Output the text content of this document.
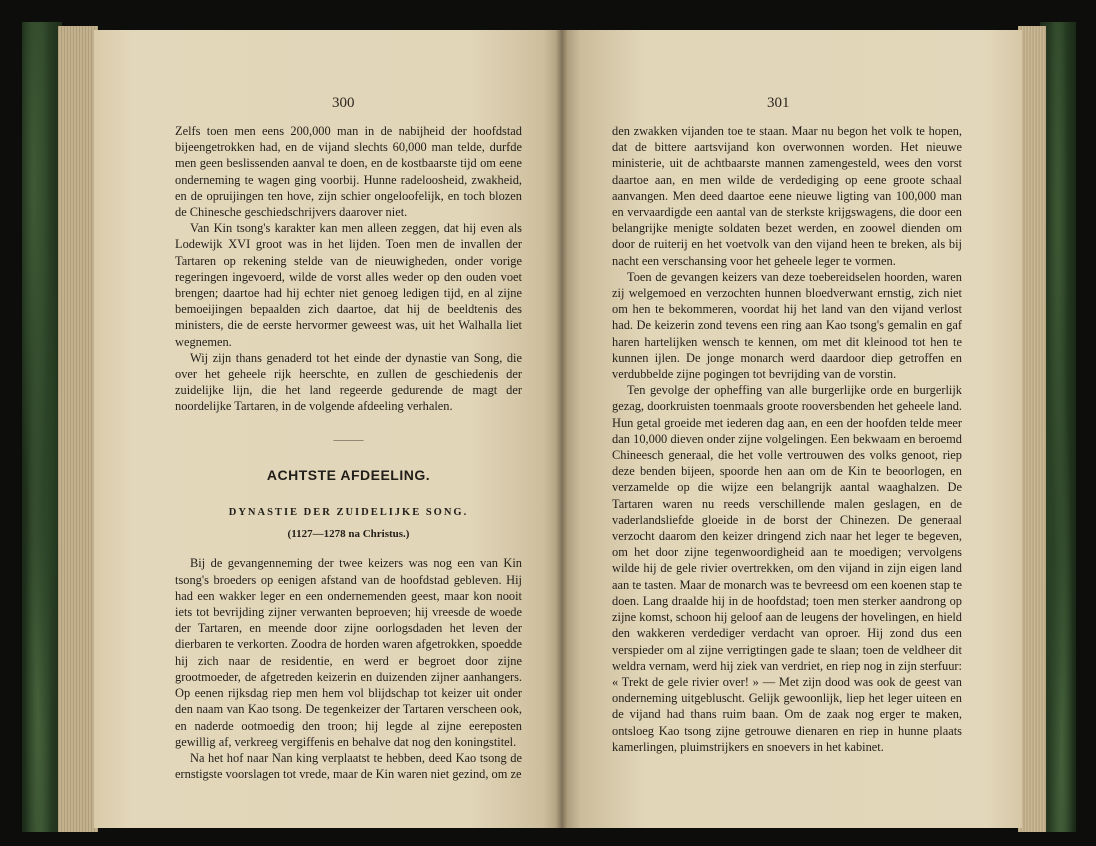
300	301

Zelfs toen men eens 200,000 man in de nabijheid der hoofdstad bijeengetrokken had, en de vijand slechts 60,000 man telde, durfde men geen beslissenden aanval te doen, en de kostbaarste tijd om eene onderneming te wagen ging voorbij. Hunne radeloosheid, zwakheid, en de opruijingen ten hove, zijn schier ongeloofelijk, en toch blozen de Chinesche geschiedschrijvers daarover niet.

Van Kin tsong's karakter kan men alleen zeggen, dat hij even als Lodewijk XVI groot was in het lijden. Toen men de invallen der Tartaren op rekening stelde van de nieuwigheden, onder vorige regeringen ingevoerd, wilde de vorst alles weder op den ouden voet brengen; daartoe had hij echter niet genoeg ledigen tijd, en al zijne bemoeijingen bepaalden zich daartoe, dat hij de beeldtenis des ministers, die de eerste hervormer geweest was, uit het Walhalla liet wegnemen.

Wij zijn thans genaderd tot het einde der dynastie van Song, die over het geheele rijk heerschte, en zullen de geschiedenis der zuidelijke lijn, die het land regeerde gedurende de magt der noordelijke Tartaren, in de volgende afdeeling verhalen.

———
ACHTSTE AFDEELING.
DYNASTIE DER ZUIDELIJKE SONG.
(1127—1278 na Christus.)

Bij de gevangenneming der twee keizers was nog een van Kin tsong's broeders op eenigen afstand van de hoofdstad gebleven. Hij had een wakker leger en een ondernemenden geest, maar kon nooit iets tot bevrijding zijner verwanten beproeven; hij vreesde de woede der Tartaren, en meende door zijne oorlogsdaden het leven der dierbaren te verkorten. Zoodra de horden waren afgetrokken, spoedde hij zich naar de residentie, en werd er begroet door zijne grootmoeder, de afgetreden keizerin en duizenden zijner aanhangers. Op eenen rijksdag riep men hem vol blijdschap tot keizer uit onder den naam van Kao tsong. De tegenkeizer der Tartaren verscheen ook, en naderde ootmoedig den troon; hij legde al zijne eereposten gewillig af, verkreeg vergiffenis en behalve dat nog den koningstitel.

Na het hof naar Nan king verplaatst te hebben, deed Kao tsong de ernstigste voorslagen tot vrede, maar de Kin waren niet gezind, om ze

den zwakken vijanden toe te staan. Maar nu begon het volk te hopen, dat de bittere aartsvijand kon overwonnen worden. Het nieuwe ministerie, uit de achtbaarste mannen zamengesteld, wees den vorst daartoe aan, en men wilde de verdediging op eene groote schaal aanvangen. Men deed daartoe eene nieuwe ligting van 100,000 man en vervaardigde een aantal van de sterkste krijgswagens, die door een belangrijke menigte soldaten bezet werden, en zoowel dienden om door de ruiterij en het voetvolk van den vijand heen te breken, als bij nacht een verschansing voor het geheele leger te vormen.

Toen de gevangen keizers van deze toebereidselen hoorden, waren zij welgemoed en verzochten hunnen bloedverwant ernstig, zich niet om hen te bekommeren, voordat hij het land van den vijand verlost had. De keizerin zond tevens een ring aan Kao tsong's gemalin en gaf haren hartelijken wensch te kennen, om met dit kleinood tot hen te kunnen ijlen. De jonge monarch werd daardoor diep getroffen en verdubbelde zijne pogingen tot bevrijding van de vorstin.

Ten gevolge der opheffing van alle burgerlijke orde en burgerlijk gezag, doorkruisten toenmaals groote rooversbenden het geheele land. Hun getal groeide met iederen dag aan, en een der hoofden telde meer dan 10,000 dieven onder zijne volgelingen. Een bekwaam en beroemd Chineesch generaal, die het volle vertrouwen des volks genoot, riep deze benden bijeen, spoorde hen aan om de Kin te beoorlogen, en verzamelde op die wijze een belangrijk aantal waaghalzen. De Tartaren waren nu reeds verschillende malen geslagen, en de vaderlandsliefde gloeide in de borst der Chinezen. De generaal verzocht daarom den keizer dringend zich naar het leger te begeven, om het door zijne tegenwoordigheid aan te moedigen; vervolgens wilde hij de gele rivier overtrekken, om den vijand in zijn eigen land aan te tasten. Maar de monarch was te bevreesd om een koenen stap te doen. Lang draalde hij in de hoofdstad; toen men sterker aandrong op zijne komst, schoon hij geloof aan de leugens der hovelingen, en hield den wakkeren verdediger verdacht van oproer. Hij zond dus een verspieder om al zijne verrigtingen gade te slaan; toen de veldheer dit weldra vernam, werd hij ziek van verdriet, en riep nog in zijn sterfuur: « Trekt de gele rivier over! » — Met zijn dood was ook de geest van onderneming uitgebluscht. Gelijk gewoonlijk, liep het leger uiteen en de vijand had thans ruim baan. Om de zaak nog erger te maken, ontsloeg Kao tsong zijne getrouwe dienaren en riep in hunne plaats kamerlingen, pluimstrijkers en snoevers in het kabinet.
